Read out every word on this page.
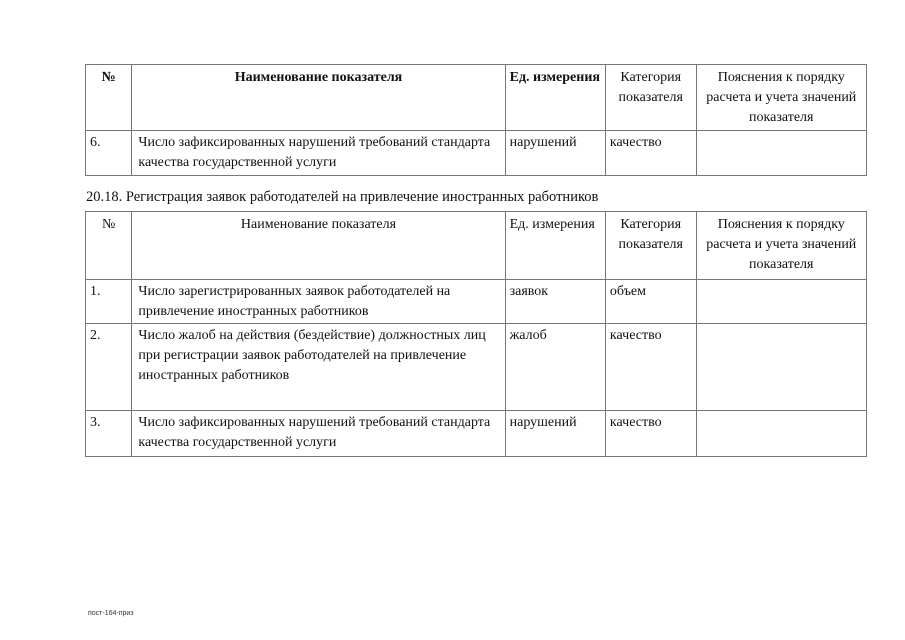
№	Наименование показателя	Ед. измерения	Категория показателя	Пояснения к порядку расчета и учета значений показателя
6.	Число зафиксированных нарушений требований стандарта качества государственной услуги	нарушений	качество	
20.18. Регистрация заявок работодателей на привлечение иностранных работников
№	Наименование показателя	Ед. измерения	Категория показателя	Пояснения к порядку расчета и учета значений показателя
1.	Число зарегистрированных заявок работодателей на привлечение иностранных работников	заявок	объем	
2.	Число жалоб на действия (бездействие) должностных лиц при регистрации заявок работодателей на привлечение иностранных работников	жалоб	качество	
3.	Число зафиксированных нарушений требований стандарта качества государственной услуги	нарушений	качество	
пост-164-приз
